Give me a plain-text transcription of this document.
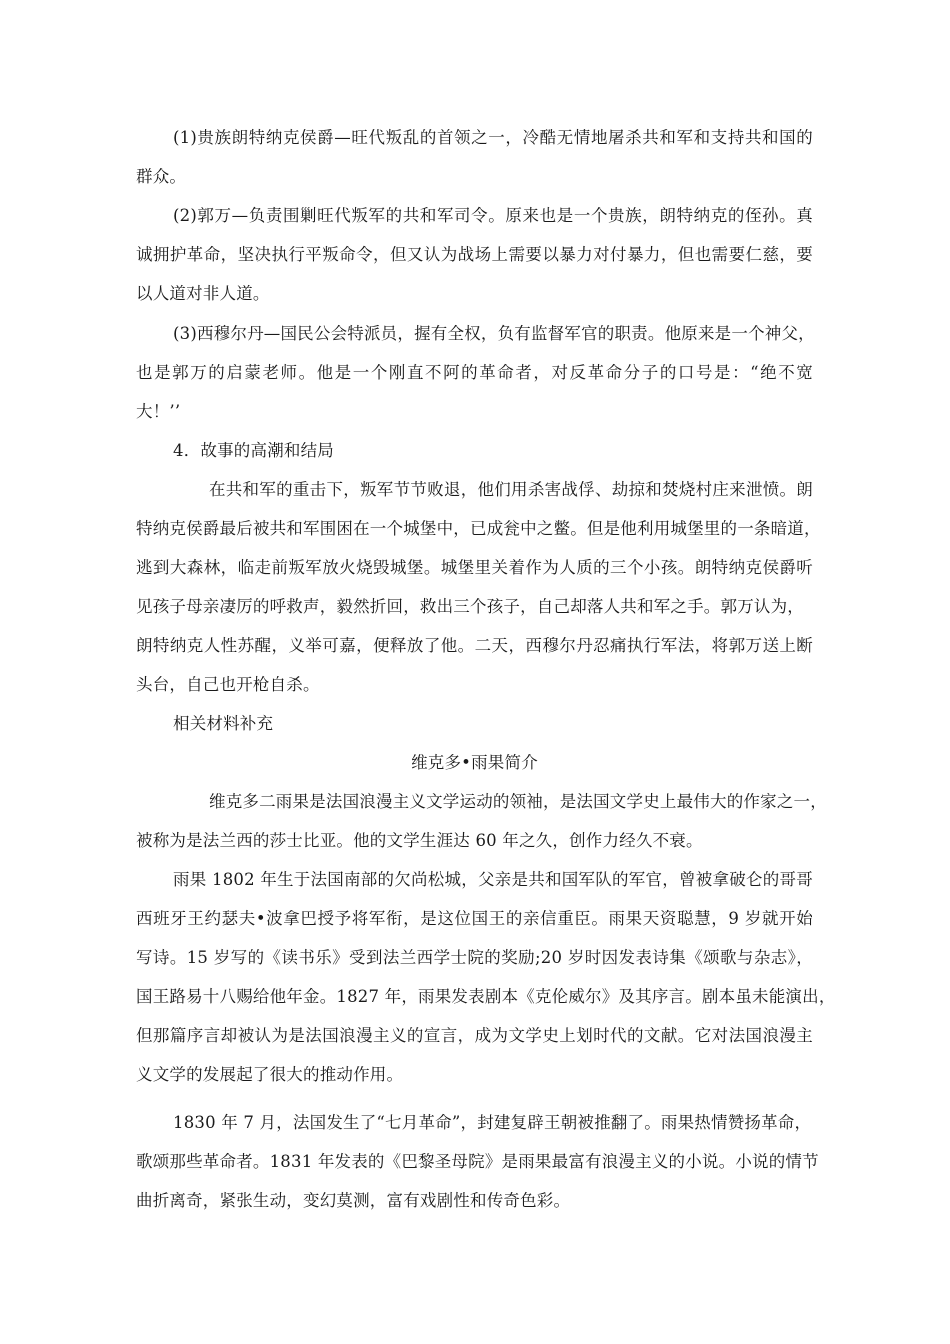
(1)贵族朗特纳克侯爵—旺代叛乱的首领之一，冷酷无情地屠杀共和军和支持共和国的
群众。
(2)郭万—负责围剿旺代叛军的共和军司令。原来也是一个贵族，朗特纳克的侄孙。真
诚拥护革命，坚决执行平叛命令，但又认为战场上需要以暴力对付暴力，但也需要仁慈，要
以人道对非人道。
(3)西穆尔丹—国民公会特派员，握有全权，负有监督军官的职责。他原来是一个神父，
也是郭万的启蒙老师。他是一个刚直不阿的革命者，对反革命分子的口号是：“绝不宽
大！’’
4．故事的高潮和结局
在共和军的重击下，叛军节节败退，他们用杀害战俘、劫掠和焚烧村庄来泄愤。朗
特纳克侯爵最后被共和军围困在一个城堡中，已成瓮中之鳖。但是他利用城堡里的一条暗道，
逃到大森林，临走前叛军放火烧毁城堡。城堡里关着作为人质的三个小孩。朗特纳克侯爵听
见孩子母亲凄厉的呼救声，毅然折回，救出三个孩子，自己却落人共和军之手。郭万认为，
朗特纳克人性苏醒，义举可嘉，便释放了他。二天，西穆尔丹忍痛执行军法，将郭万送上断
头台，自己也开枪自杀。
相关材料补充
维克多•雨果简介
维克多二雨果是法国浪漫主义文学运动的领袖，是法国文学史上最伟大的作家之一，
被称为是法兰西的莎士比亚。他的文学生涯达 60 年之久，创作力经久不衰。
雨果 1802 年生于法国南部的欠尚松城，父亲是共和国军队的军官，曾被拿破仑的哥哥
西班牙王约瑟夫•波拿巴授予将军衔，是这位国王的亲信重臣。雨果天资聪慧，9 岁就开始
写诗。15 岁写的《读书乐》受到法兰西学士院的奖励;20 岁时因发表诗集《颂歌与杂志》，
国王路易十八赐给他年金。1827 年，雨果发表剧本《克伦威尔》及其序言。剧本虽未能演出，
但那篇序言却被认为是法国浪漫主义的宣言，成为文学史上划时代的文献。它对法国浪漫主
义文学的发展起了很大的推动作用。
1830 年 7 月，法国发生了“七月革命”，封建复辟王朝被推翻了。雨果热情赞扬革命，
歌颂那些革命者。1831 年发表的《巴黎圣母院》是雨果最富有浪漫主义的小说。小说的情节
曲折离奇，紧张生动，变幻莫测，富有戏剧性和传奇色彩。
